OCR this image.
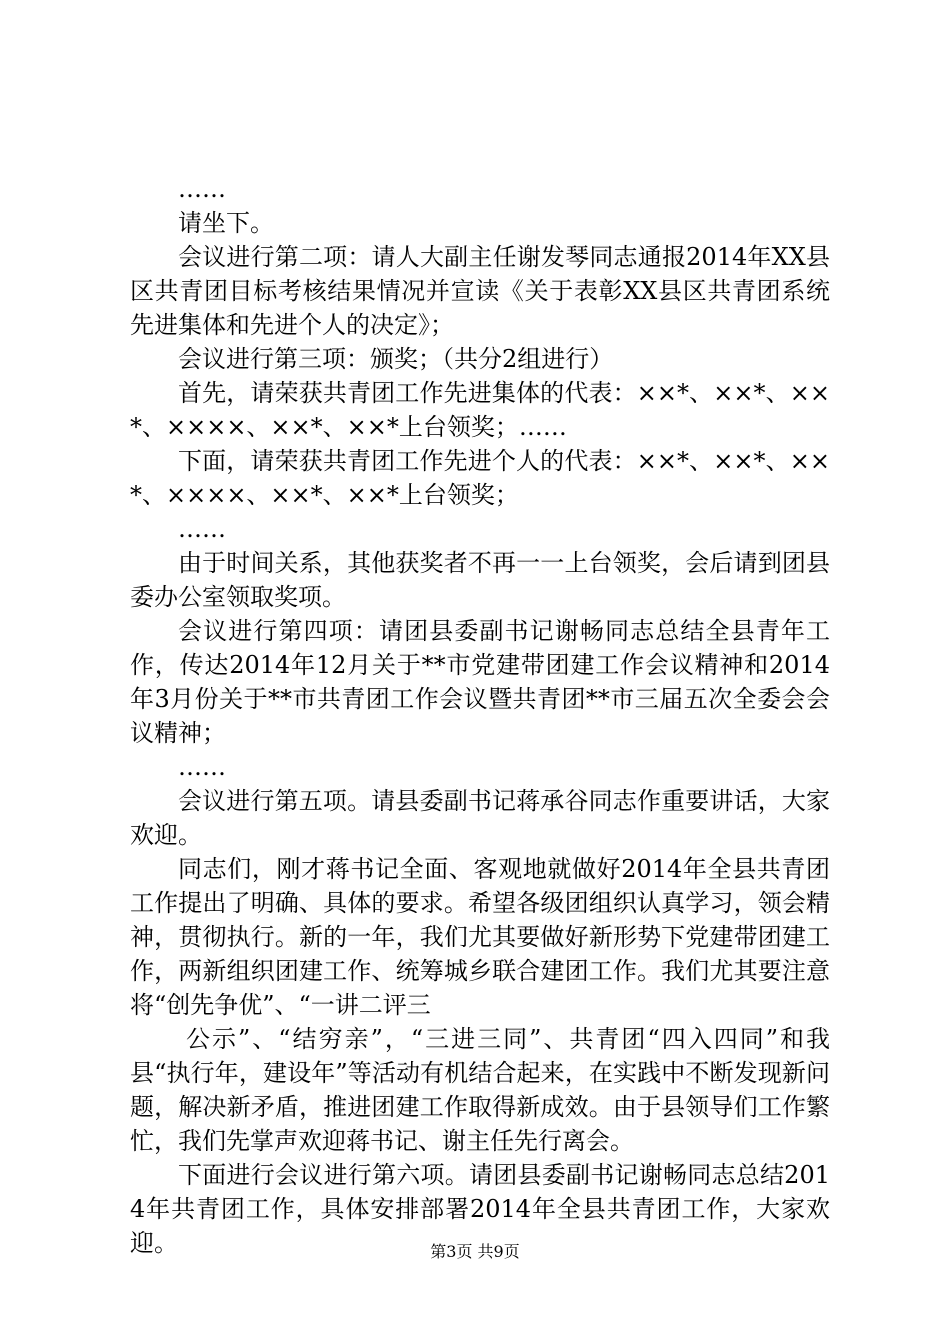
……

请坐下。

会议进行第二项：请人大副主任谢发琴同志通报2014年XX县区共青团目标考核结果情况并宣读《关于表彰XX县区共青团系统先进集体和先进个人的决定》；

会议进行第三项：颁奖；（共分2组进行）

首先，请荣获共青团工作先进集体的代表：××*、××*、××*、××××、××*、××*上台领奖；……

下面，请荣获共青团工作先进个人的代表：××*、××*、××*、××××、××*、××*上台领奖；

……

由于时间关系，其他获奖者不再一一上台领奖，会后请到团县委办公室领取奖项。

会议进行第四项：请团县委副书记谢畅同志总结全县青年工作，传达2014年12月关于**市党建带团建工作会议精神和2014年3月份关于**市共青团工作会议暨共青团**市三届五次全委会会议精神；

……

会议进行第五项。请县委副书记蒋承谷同志作重要讲话，大家欢迎。

同志们，刚才蒋书记全面、客观地就做好2014年全县共青团工作提出了明确、具体的要求。希望各级团组织认真学习，领会精神，贯彻执行。新的一年，我们尤其要做好新形势下党建带团建工作，两新组织团建工作、统筹城乡联合建团工作。我们尤其要注意将“创先争优”、“一讲二评三

公示”、“结穷亲”，“三进三同”、共青团“四入四同”和我县“执行年，建设年”等活动有机结合起来，在实践中不断发现新问题，解决新矛盾，推进团建工作取得新成效。由于县领导们工作繁忙，我们先掌声欢迎蒋书记、谢主任先行离会。

下面进行会议进行第六项。请团县委副书记谢畅同志总结2014年共青团工作，具体安排部署2014年全县共青团工作，大家欢迎。	第3页 共9页
